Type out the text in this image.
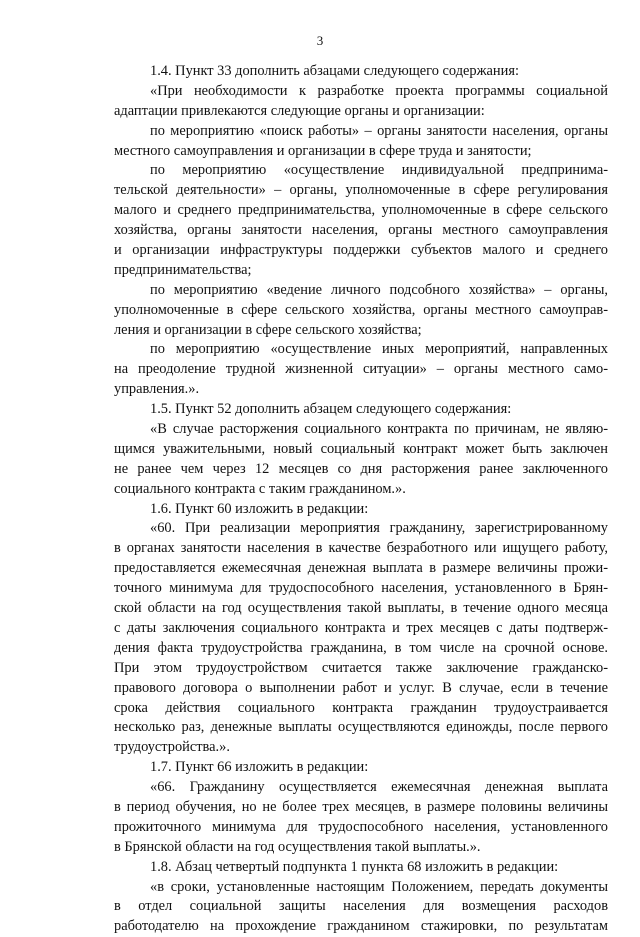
3
1.4. Пункт 33 дополнить абзацами следующего содержания:
«При необходимости к разработке проекта программы социальной
адаптации привлекаются следующие органы и организации:
по мероприятию «поиск работы» – органы занятости населения, органы
местного самоуправления и организации в сфере труда и занятости;
по мероприятию «осуществление индивидуальной предпринима-
тельской деятельности» – органы, уполномоченные в сфере регулирования
малого и среднего предпринимательства, уполномоченные в сфере сельского
хозяйства, органы занятости населения, органы местного самоуправления
и организации инфраструктуры поддержки субъектов малого и среднего
предпринимательства;
по мероприятию «ведение личного подсобного хозяйства» – органы,
уполномоченные в сфере сельского хозяйства, органы местного самоуправ-
ления и организации в сфере сельского хозяйства;
по мероприятию «осуществление иных мероприятий, направленных
на преодоление трудной жизненной ситуации» – органы местного само-
управления.».
1.5. Пункт 52 дополнить абзацем следующего содержания:
«В случае расторжения социального контракта по причинам, не являю-
щимся уважительными, новый социальный контракт может быть заключен
не ранее чем через 12 месяцев со дня расторжения ранее заключенного
социального контракта с таким гражданином.».
1.6. Пункт 60 изложить в редакции:
«60. При реализации мероприятия гражданину, зарегистрированному
в органах занятости населения в качестве безработного или ищущего работу,
предоставляется ежемесячная денежная выплата в размере величины прожи-
точного минимума для трудоспособного населения, установленного в Брян-
ской области на год осуществления такой выплаты, в течение одного месяца
с даты заключения социального контракта и трех месяцев с даты подтверж-
дения факта трудоустройства гражданина, в том числе на срочной основе.
При этом трудоустройством считается также заключение гражданско-
правового договора о выполнении работ и услуг. В случае, если в течение
срока действия социального контракта гражданин трудоустраивается
несколько раз, денежные выплаты осуществляются единожды, после первого
трудоустройства.».
1.7. Пункт 66 изложить в редакции:
«66. Гражданину осуществляется ежемесячная денежная выплата
в период обучения, но не более трех месяцев, в размере половины величины
прожиточного минимума для трудоспособного населения, установленного
в Брянской области на год осуществления такой выплаты.».
1.8. Абзац четвертый подпункта 1 пункта 68 изложить в редакции:
«в сроки, установленные настоящим Положением, передать документы
в отдел социальной защиты населения для возмещения расходов
работодателю на прохождение гражданином стажировки, по результатам
